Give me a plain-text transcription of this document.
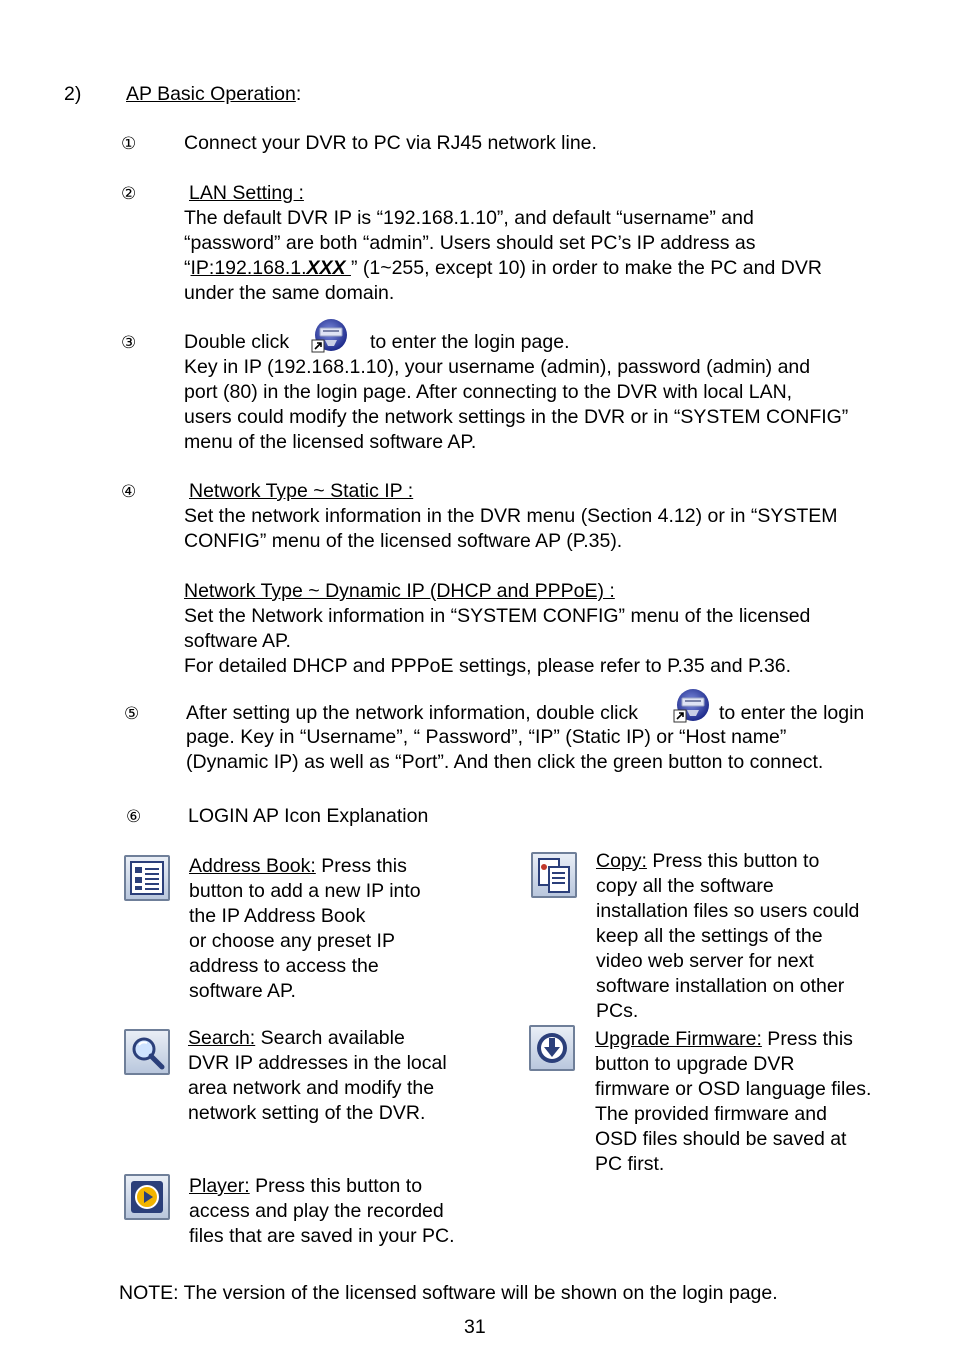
2) AP Basic Operation:
① Connect your DVR to PC via RJ45 network line.
②	LAN Setting :
The default DVR IP is “192.168.1.10”, and default “username” and
“password” are both “admin”. Users should set PC’s IP address as
“IP:192.168.1.XXX ” (1~255, except 10) in order to make the PC and DVR
under the same domain.
③ Double click	to enter the login page.
Key in IP (192.168.1.10), your username (admin), password (admin) and
port (80) in the login page. After connecting to the DVR with local LAN,
users could modify the network settings in the DVR or in “SYSTEM CONFIG”
menu of the licensed software AP.
④	Network Type ~ Static IP :
Set the network information in the DVR menu (Section 4.12) or in “SYSTEM
CONFIG” menu of the licensed software AP (P.35).
Network Type ~ Dynamic IP (DHCP and PPPoE) :
Set the Network information in “SYSTEM CONFIG” menu of the licensed
software AP.
For detailed DHCP and PPPoE settings, please refer to P.35 and P.36.
⑤ After setting up the network information, double click	to enter the login
page. Key in “Username”, “ Password”, “IP” (Static IP) or “Host name”
(Dynamic IP) as well as “Port”. And then click the green button to connect.
⑥ LOGIN AP Icon Explanation
Address Book: Press this
button to add a new IP into
the IP Address Book
or choose any preset IP
address to access the
software AP.
Search: Search available
DVR IP addresses in the local
area network and modify the
network setting of the DVR.
Player: Press this button to
access and play the recorded
files that are saved in your PC.
Copy: Press this button to
copy all the software
installation files so users could
keep all the settings of the
video web server for next
software installation on other
PCs.
Upgrade Firmware: Press this
button to upgrade DVR
firmware or OSD language files.
The provided firmware and
OSD files should be saved at
PC first.
NOTE: The version of the licensed software will be shown on the login page.
31
